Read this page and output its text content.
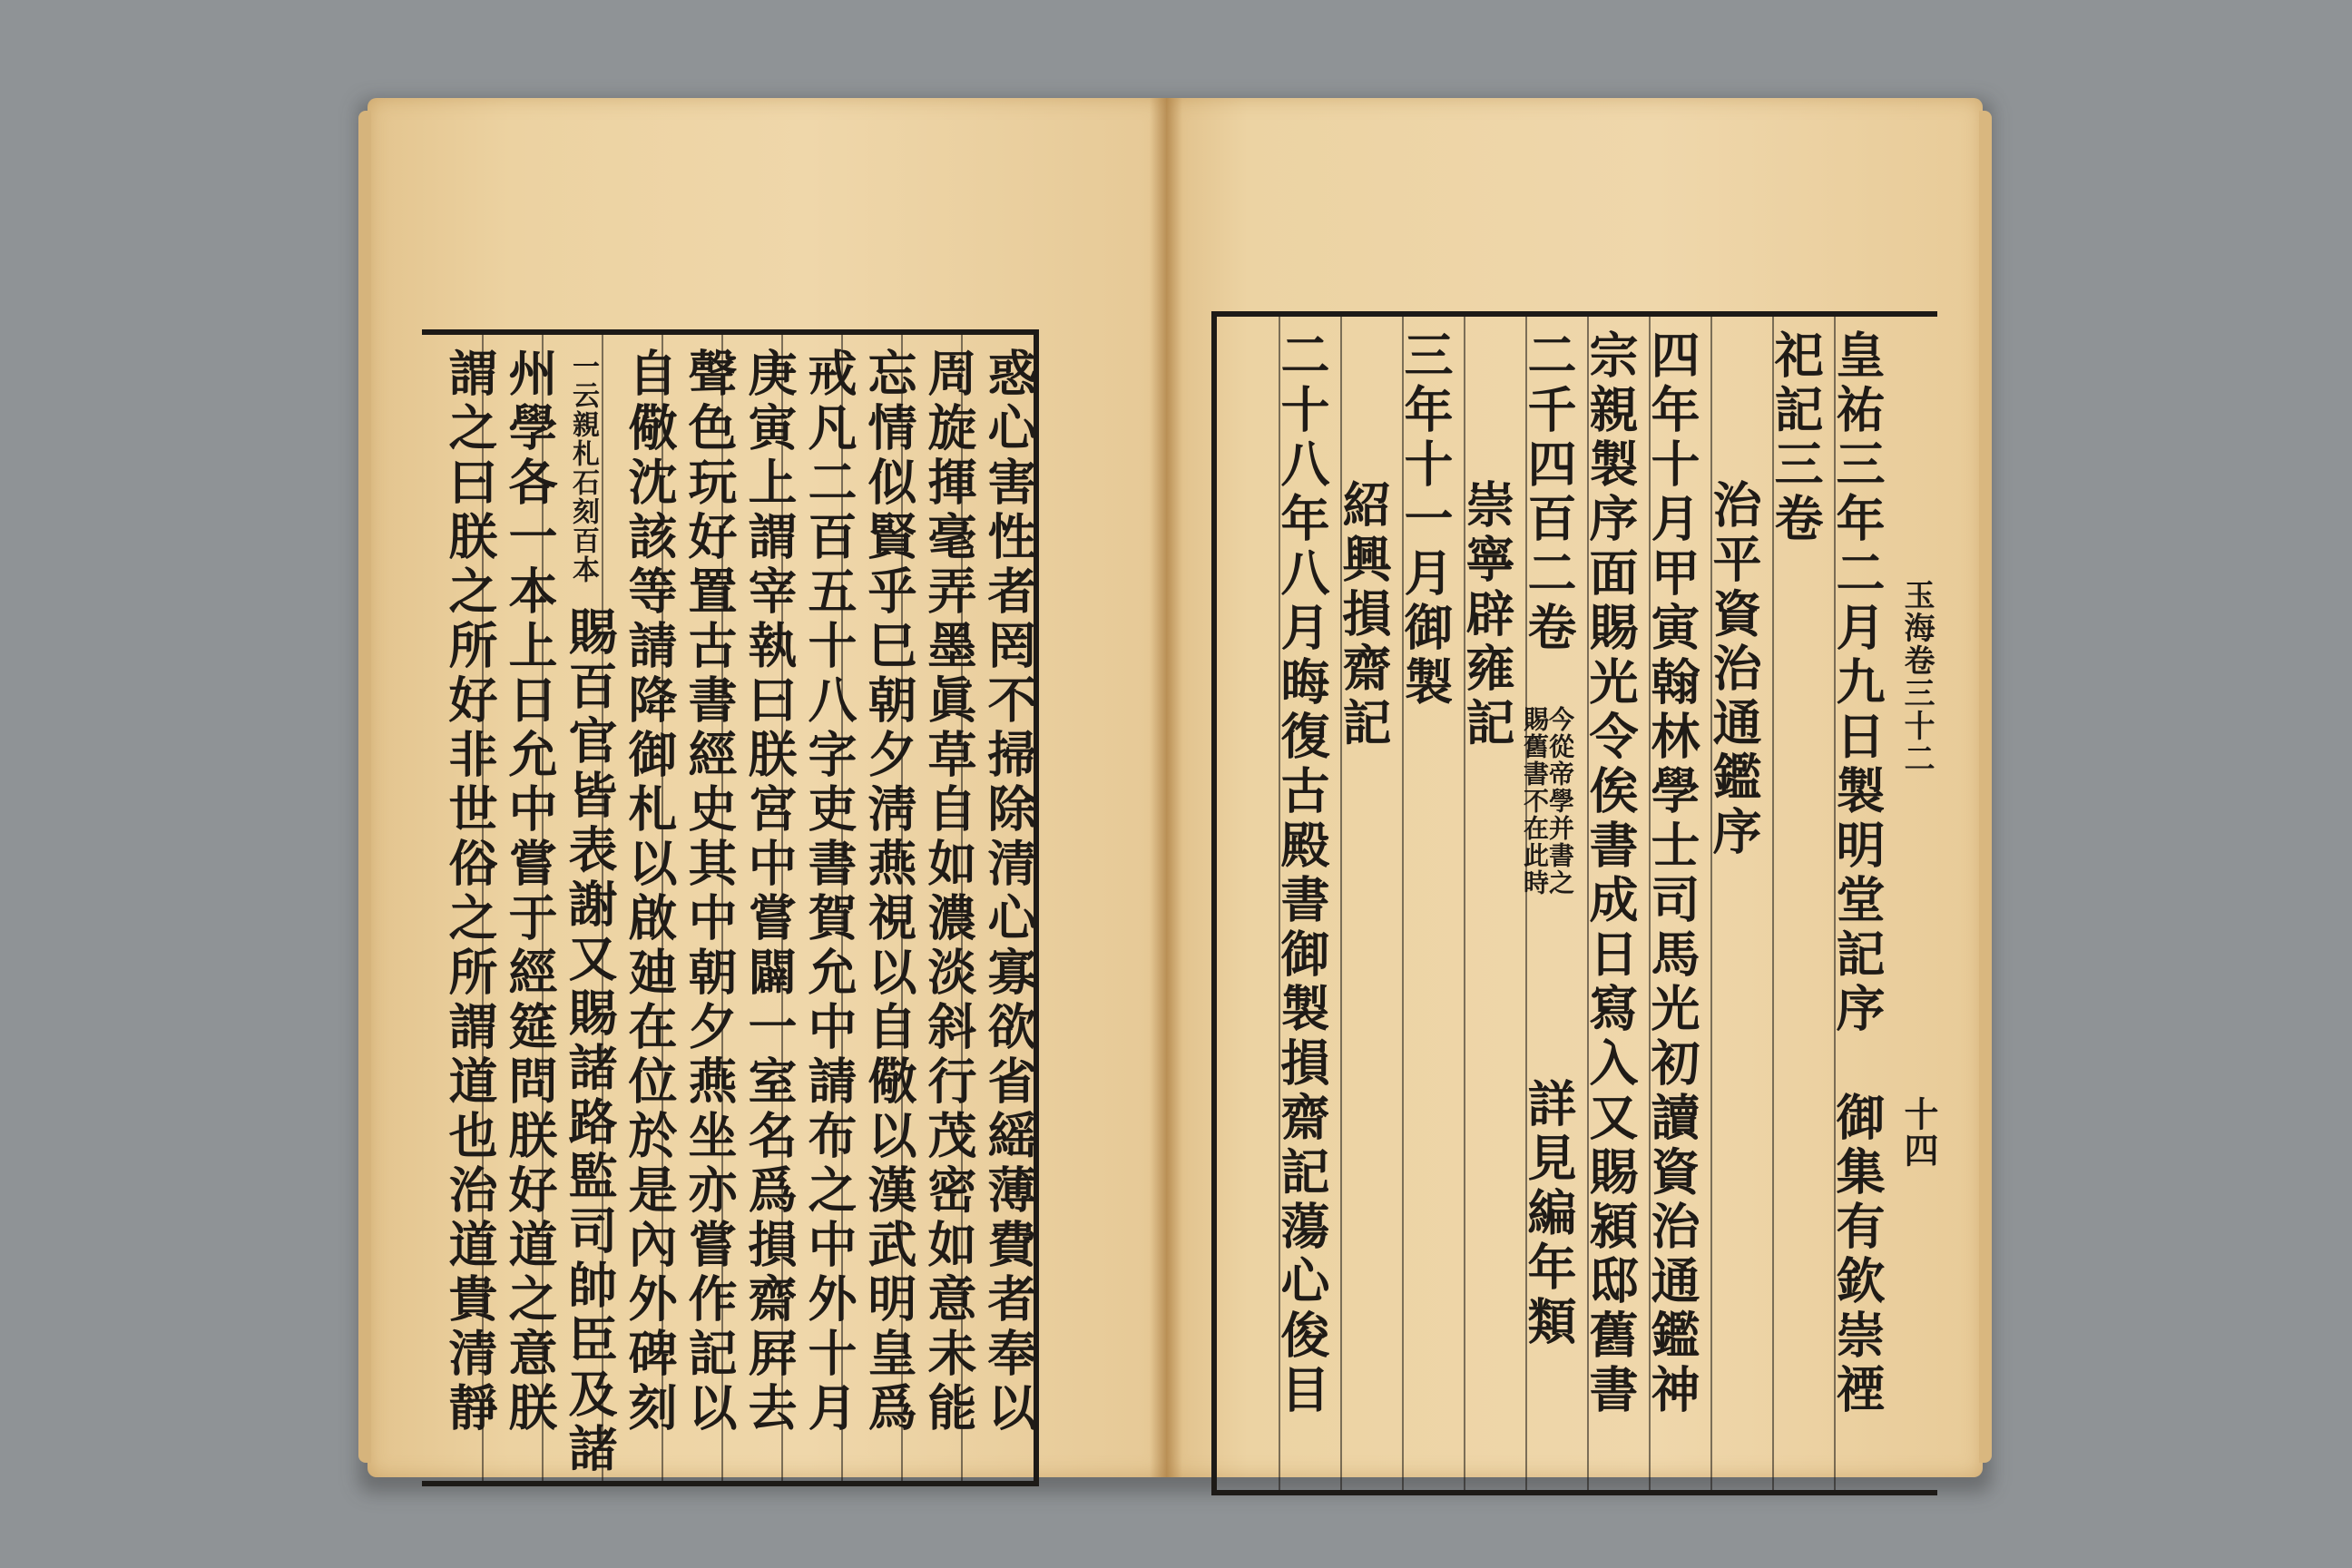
惑心害性者罔不掃除清心寡欲省䌊薄費者奉以
周旋揮毫弄墨眞草自如濃淡斜行茂密如意未能
忘情似賢乎巳朝夕淸燕視以自儆以漢武明皇爲
戒凡二百五十八字吏書賀允中請布之中外十月
庚寅上謂宰執曰朕宮中嘗闢一室名爲損齋屛去
聲色玩好置古書經史其中朝夕燕坐亦嘗作記以
自儆沈該等請降御札以啟廸在位於是內外碑刻
一云親札石刻百本
賜百官皆表謝又賜諸路監司帥臣及諸
州學各一本上日允中嘗于經筵問朕好道之意朕
謂之曰朕之所好非世俗之所謂道也治道貴清靜	玉海卷三十二
十四
皇祐三年二月九日製明堂記序　御集有欽崇禋
祀記三卷
治平資治通鑑序
四年十月甲寅翰林學士司馬光初讀資治通鑑神
宗親製序面賜光令俟書成日寫入又賜潁邸舊書
二千四百二卷
今從帝學并書之
賜舊書不在此時
詳見編年類
崇寧辟雍記
三年十一月御製
紹興損齋記
二十八年八月晦復古殿書御製損齋記蕩心俊目
